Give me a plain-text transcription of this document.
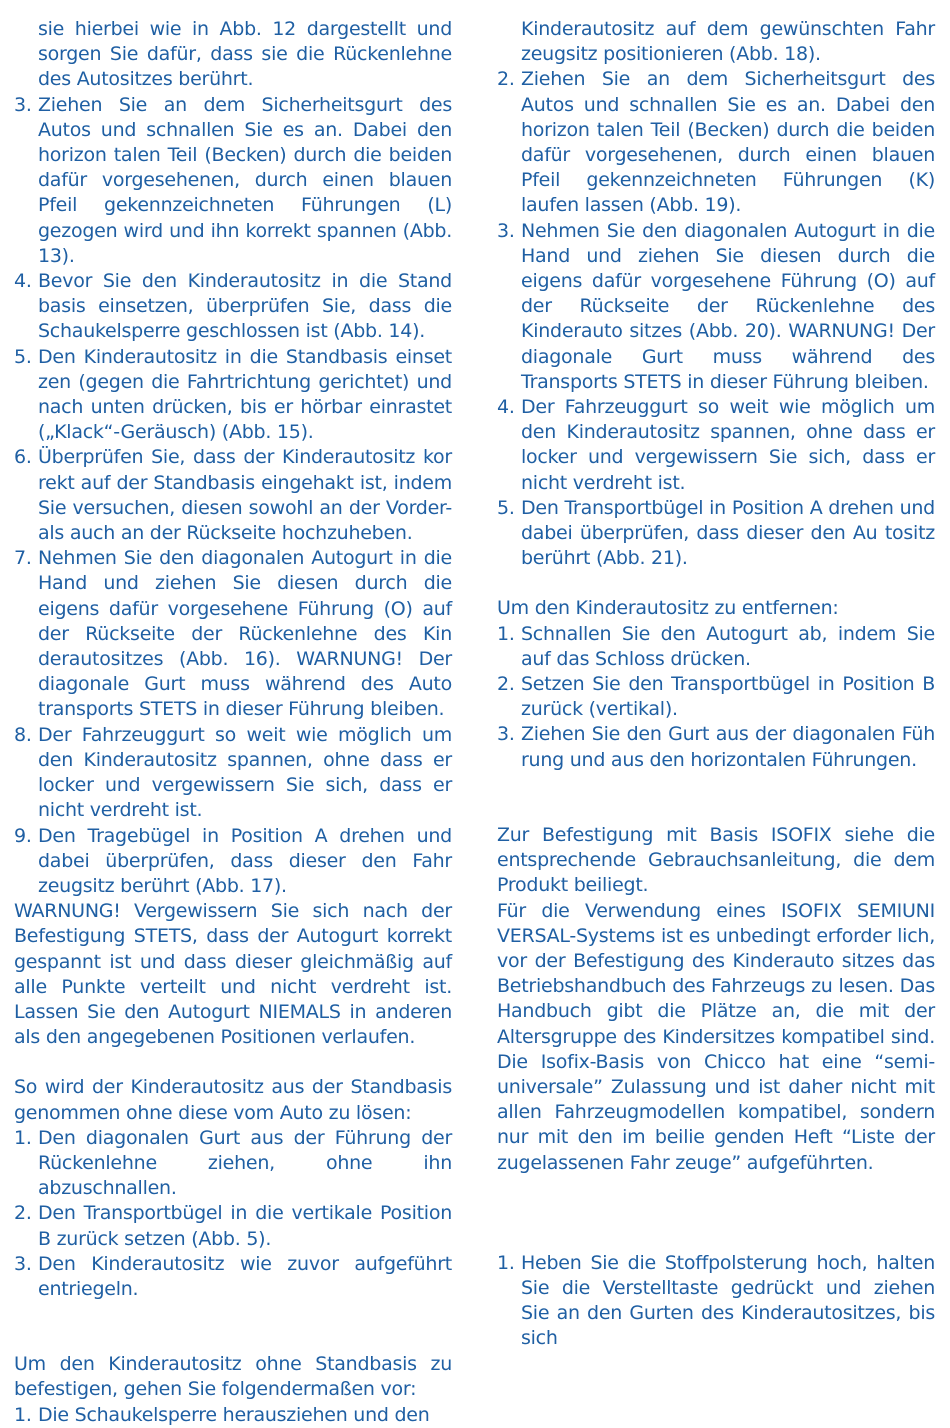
sie hierbei wie in Abb. 12 dargestellt und sorgen Sie dafür, dass sie die Rückenlehne des Autositzes berührt.

3. Ziehen Sie an dem Sicherheitsgurt des Autos und schnallen Sie es an. Dabei den horizon talen Teil (Becken) durch die beiden dafür vorgesehenen, durch einen blauen Pfeil gekennzeichneten Führungen (L) gezogen wird und ihn korrekt spannen (Abb. 13).
4. Bevor Sie den Kinderautositz in die Stand basis einsetzen, überprüfen Sie, dass die Schaukelsperre geschlossen ist (Abb. 14).
5. Den Kinderautositz in die Standbasis einset zen (gegen die Fahrtrichtung gerichtet) und nach unten drücken, bis er hörbar einrastet („Klack“-Geräusch) (Abb. 15).
6. Überprüfen Sie, dass der Kinderautositz kor rekt auf der Standbasis eingehakt ist, indem Sie versuchen, diesen sowohl an der Vorder- als auch an der Rückseite hochzuheben.
7. Nehmen Sie den diagonalen Autogurt in die Hand und ziehen Sie diesen durch die eigens dafür vorgesehene Führung (O) auf der Rückseite der Rückenlehne des Kin derautositzes (Abb. 16). WARNUNG! Der diagonale Gurt muss während des Auto transports STETS in dieser Führung bleiben.
8. Der Fahrzeuggurt so weit wie möglich um den Kinderautositz spannen, ohne dass er locker und vergewissern Sie sich, dass er nicht verdreht ist.
9. Den Tragebügel in Position A drehen und dabei überprüfen, dass dieser den Fahr zeugsitz berührt (Abb. 17).

WARNUNG! Vergewissern Sie sich nach der Befestigung STETS, dass der Autogurt korrekt gespannt ist und dass dieser gleichmäßig auf alle Punkte verteilt und nicht verdreht ist. Lassen Sie den Autogurt NIEMALS in anderen als den angegebenen Positionen verlaufen.

So wird der Kinderautositz aus der Standbasis genommen ohne diese vom Auto zu lösen:

1. Den diagonalen Gurt aus der Führung der Rückenlehne ziehen, ohne ihn abzuschnallen.
2. Den Transportbügel in die vertikale Position B zurück setzen (Abb. 5).
3. Den Kinderautositz wie zuvor aufgeführt entriegeln.

Um den Kinderautositz ohne Standbasis zu befestigen, gehen Sie folgendermaßen vor:

1. Die Schaukelsperre herausziehen und den

Kinderautositz auf dem gewünschten Fahr zeugsitz positionieren (Abb. 18).

2. Ziehen Sie an dem Sicherheitsgurt des Autos und schnallen Sie es an. Dabei den horizon talen Teil (Becken) durch die beiden dafür vorgesehenen, durch einen blauen Pfeil gekennzeichneten Führungen (K) laufen lassen (Abb. 19).
3. Nehmen Sie den diagonalen Autogurt in die Hand und ziehen Sie diesen durch die eigens dafür vorgesehene Führung (O) auf der Rückseite der Rückenlehne des Kinderauto sitzes (Abb. 20). WARNUNG! Der diagonale Gurt muss während des Transports STETS in dieser Führung bleiben.
4. Der Fahrzeuggurt so weit wie möglich um den Kinderautositz spannen, ohne dass er locker und vergewissern Sie sich, dass er nicht verdreht ist.
5. Den Transportbügel in Position A drehen und dabei überprüfen, dass dieser den Au tositz berührt (Abb. 21).

Um den Kinderautositz zu entfernen:

1. Schnallen Sie den Autogurt ab, indem Sie auf das Schloss drücken.
2. Setzen Sie den Transportbügel in Position B zurück (vertikal).
3. Ziehen Sie den Gurt aus der diagonalen Füh rung und aus den horizontalen Führungen.

Zur Befestigung mit Basis ISOFIX siehe die entsprechende Gebrauchsanleitung, die dem Produkt beiliegt.

Für die Verwendung eines ISOFIX SEMIUNI VERSAL-Systems ist es unbedingt erforder lich, vor der Befestigung des Kinderauto sitzes das Betriebshandbuch des Fahrzeugs zu lesen. Das Handbuch gibt die Plätze an, die mit der Altersgruppe des Kindersitzes kompatibel sind. Die Isofix-Basis von Chicco hat eine “semi-universale” Zulassung und ist daher nicht mit allen Fahrzeugmodellen kompatibel, sondern nur mit den im beilie genden Heft “Liste der zugelassenen Fahr zeuge” aufgeführten.

1. Heben Sie die Stoffpolsterung hoch, halten Sie die Verstelltaste gedrückt und ziehen Sie an den Gurten des Kinderautositzes, bis sich
